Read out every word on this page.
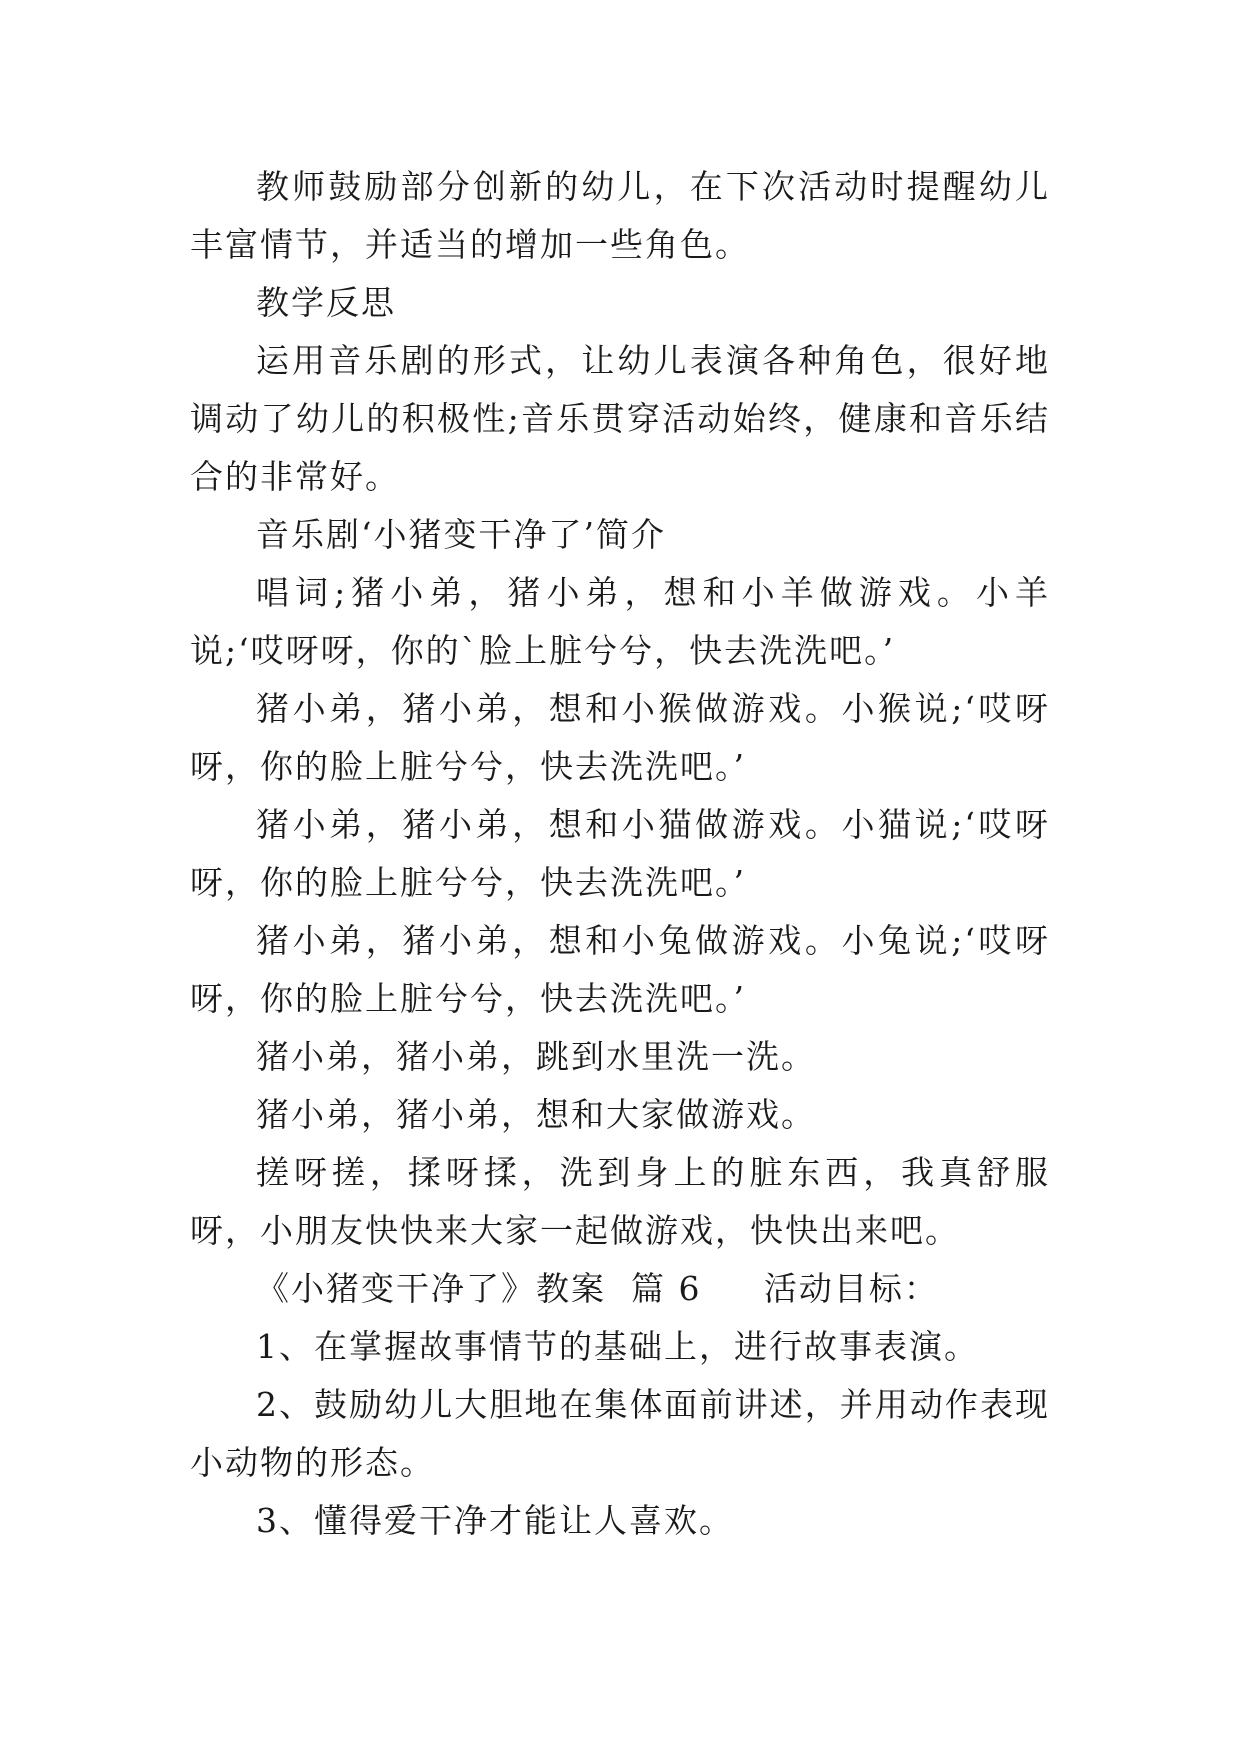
教师鼓励部分创新的幼儿，在下次活动时提醒幼儿丰富情节，并适当的增加一些角色。

教学反思

运用音乐剧的形式，让幼儿表演各种角色，很好地调动了幼儿的积极性;音乐贯穿活动始终，健康和音乐结合的非常好。

音乐剧‘小猪变干净了’简介

唱词;猪小弟，猪小弟，想和小羊做游戏。小羊说;‘哎呀呀，你的`脸上脏兮兮，快去洗洗吧。’

猪小弟，猪小弟，想和小猴做游戏。小猴说;‘哎呀呀，你的脸上脏兮兮，快去洗洗吧。’

猪小弟，猪小弟，想和小猫做游戏。小猫说;‘哎呀呀，你的脸上脏兮兮，快去洗洗吧。’

猪小弟，猪小弟，想和小兔做游戏。小兔说;‘哎呀呀，你的脸上脏兮兮，快去洗洗吧。’

猪小弟，猪小弟，跳到水里洗一洗。

猪小弟，猪小弟，想和大家做游戏。

搓呀搓，揉呀揉，洗到身上的脏东西，我真舒服呀，小朋友快快来大家一起做游戏，快快出来吧。

《小猪变干净了》教案  篇 6     活动目标：

1、在掌握故事情节的基础上，进行故事表演。

2、鼓励幼儿大胆地在集体面前讲述，并用动作表现小动物的形态。

3、懂得爱干净才能让人喜欢。
